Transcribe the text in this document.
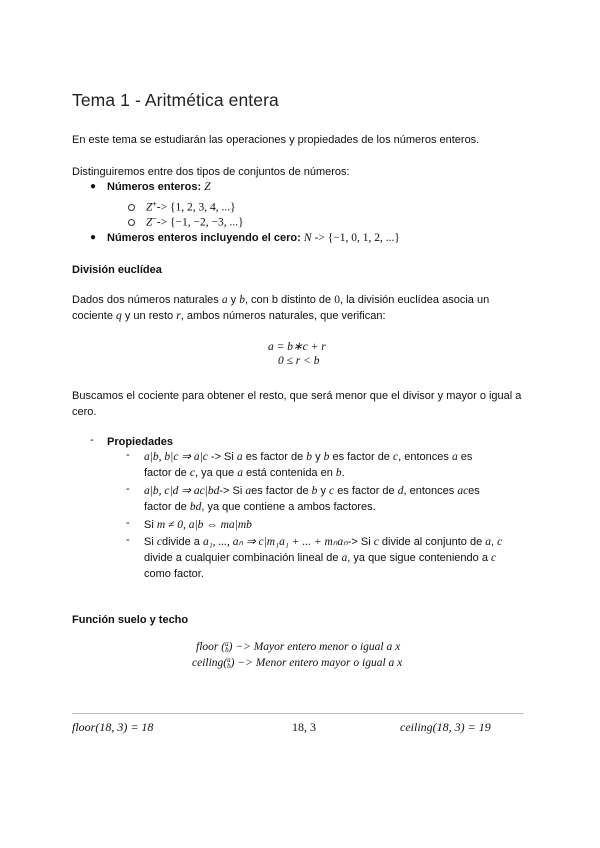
Tema 1 - Aritmética entera
En este tema se estudiarán las operaciones y propiedades de los números enteros.
Distinguiremos entre dos tipos de conjuntos de números:
● Números enteros: Z
Z+-> {1, 2, 3, 4, ...}
Z−-> {−1, −2, −3, ...}
● Números enteros incluyendo el cero: N -> {−1, 0, 1, 2, ...}
División euclídea
Dados dos números naturales a y b, con b distinto de 0, la división euclídea asocia un
cociente q y un resto r, ambos números naturales, que verifican:
a = b∗c + r
0 ≤ r < b
Buscamos el cociente para obtener el resto, que será menor que el divisor y mayor o igual a
cero.
- Propiedades
- a|b, b|c ⇒ a|c -> Si a es factor de b y b es factor de c, entonces a es
factor de c, ya que a está contenida en b.
- a|b, c|d ⇒ ac|bd-> Si aes factor de b y c es factor de d, entonces aces
factor de bd, ya que contiene a ambos factores.
- Si m ≠ 0, a|b ⇔ ma|mb
- Si cdivide a a₁, ..., aₙ ⇒ c|m₁a₁ + ... + mₙaₙ-> Si c divide al conjunto de a, c
divide a cualquier combinación lineal de a, ya que sigue conteniendo a c
como factor.
Función suelo y techo
floor (a
b) −> Mayor entero menor o igual a x
ceiling(a
b) −> Menor entero mayor o igual a x
floor(18, 3) = 18	18, 3	ceiling(18, 3) = 19
